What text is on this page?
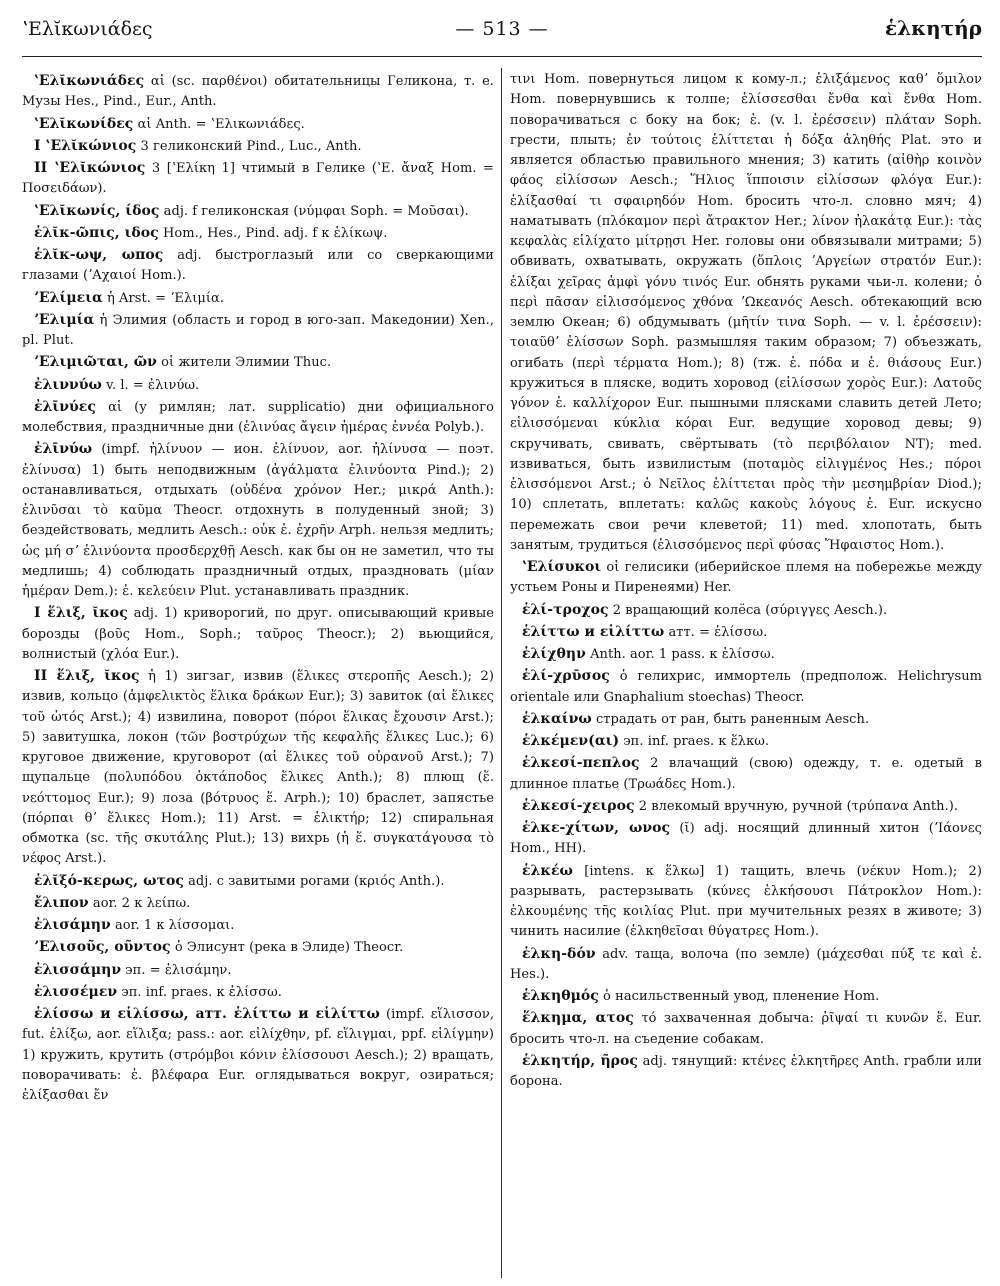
ʽΕλῐκωνιάδες	— 513 —	ἑλκητήρ

ʽΕλῐκωνιάδες αἱ (sc. παρθένοι) обитательницы Геликона, т. е. Музы Hes., Pind., Eur., Anth.

ʽΕλῐκωνίδες αἱ Anth. = ʽΕλικωνιάδες.

I ʽΕλῐκώνιος 3 геликонский Pind., Luc., Anth.

II ʽΕλῐκώνιος 3 [ʽΕλίκη 1] чтимый в Гелике (ʽΕ. ἄναξ Hom. = Ποσειδάων).

ʽΕλῐκωνίς, ίδος adj. f геликонская (νύμφαι Soph. = Μοῦσαι).

ἑλῐκ-ῶπις, ιδος Hom., Hes., Pind. adj. f к ἑλίκωψ.

ἑλῐκ-ωψ, ωπος adj. быстроглазый или со сверкающими глазами (ʼΑχαιοί Hom.).

ʼΕλίμεια ἡ Arst. = ʼΕλιμία.

ʼΕλιμία ἡ Элимия (область и город в юго-зап. Македонии) Xen., pl. Plut.

ʼΕλιμιῶται, ῶν οἱ жители Элимии Thuc.

ἐλιννύω v. l. = ἐλινύω.

ἐλῑνύες αἱ (у римлян; лат. supplicatio) дни официального молебствия, праздничные дни (ἐλινύας ἄγειν ἡμέρας ἐννέα Polyb.).

ἐλῑνύω (impf. ἠλίνυον — ион. ἐλίνυον, aor. ἠλίνυσα — поэт. ἐλίνυσα) 1) быть неподвижным (ἀγάλματα ἐλινύοντα Pind.); 2) останавливаться, отдыхать (οὐδένα χρόνον Her.; μικρά Anth.): ἐλινῦσαι τὸ καῦμα Theocr. отдохнуть в полуденный зной; 3) бездействовать, медлить Aesch.: οὐκ ἐ. ἐχρῆν Arph. нельзя медлить; ὡς μή σʼ ἐλινύοντα προσδερχθῇ Aesch. как бы он не заметил, что ты медлишь; 4) соблюдать праздничный отдых, праздновать (μίαν ἡμέραν Dem.): ἐ. κελεύειν Plut. устанавливать праздник.

I ἕλιξ, ῐκος adj. 1) криворогий, по друг. описывающий кривые борозды (βοῦς Hom., Soph.; ταῦρος Theocr.); 2) вьющийся, волнистый (χλόα Eur.).

II ἕλιξ, ῐκος ἡ 1) зигзаг, извив (ἕλικες στεροπῆς Aesch.); 2) извив, кольцо (ἀμφελικτὸς ἕλικα δράκων Eur.); 3) завиток (αἱ ἕλικες τοῦ ὠτός Arst.); 4) извилина, поворот (πόροι ἕλικας ἔχουσιν Arst.); 5) завитушка, локон (τῶν βοστρύχων τῆς κεφαλῆς ἕλικες Luc.); 6) круговое движение, круговорот (αἱ ἕλικες τοῦ οὐρανοῦ Arst.); 7) щупальце (πολυπόδου ὀκτάποδος ἕλικες Anth.); 8) плющ (ἕ. νεόττομος Eur.); 9) лоза (βότρυος ἕ. Arph.); 10) браслет, запястье (πόρπαι θʼ ἕλικες Hom.); 11) Arst. = ἑλικτήρ; 12) спиральная обмотка (sc. τῆς σκυτάλης Plut.); 13) вихрь (ἡ ἕ. συγκατάγουσα τὸ νέφος Arst.).

ἑλῐξό-κερως, ωτος adj. с завитыми рогами (κριός Anth.).

ἔλιπον aor. 2 к λείπω.

ἐλισάμην aor. 1 к λίσσομαι.

ʼΕλισοῦς, οῦντος ὁ Элисунт (река в Элиде) Theocr.

ἐλισσάμην эп. = ἐλισάμην.

ἐλισσέμεν эп. inf. praes. к ἐλίσσω.

ἑλίσσω и εἱλίσσω, атт. ἑλίττω и εἱλίττω (impf. εἵλισσον, fut. ἑλίξω, aor. εἵλιξα; pass.: aor. εἱλίχθην, pf. εἵλιγμαι, ppf. εἱλίγμην) 1) кружить, крутить (στρόμβοι κόνιν ἑλίσσουσι Aesch.); 2) вращать, поворачивать: ἑ. βλέφαρα Eur. оглядываться вокруг, озираться; ἑλίξασθαι ἔν

τινι Hom. повернуться лицом к кому-л.; ἑλιξάμενος καθʼ ὅμιλον Hom. повернувшись к толпе; ἑλίσσεσθαι ἔνθα καὶ ἔνθα Hom. поворачиваться с боку на бок; ἑ. (v. l. ἐρέσσειν) πλάταν Soph. грести, плыть; ἐν τούτοις ἑλίττεται ἡ δόξα ἀληθής Plat. это и является областью правильного мнения; 3) катить (αἰθὴρ κοινὸν φάος εἱλίσσων Aesch.; Ἥλιος ἵπποισιν εἱλίσσων φλόγα Eur.): ἑλίξασθαί τι σφαιρηδόν Hom. бросить что-л. словно мяч; 4) наматывать (πλόκαμον περὶ ἄτρακτον Her.; λίνον ἠλακάτᾳ Eur.): τὰς κεφαλὰς εἱλίχατο μίτρῃσι Her. головы они обвязывали митрами; 5) обвивать, охватывать, окружать (ὅπλοις ʼΑργείων στρατόν Eur.): ἑλίξαι χεῖρας ἀμφὶ γόνυ τινός Eur. обнять руками чьи-л. колени; ὁ περὶ πᾶσαν εἱλισσόμενος χθόνα ʼΩκεανός Aesch. обтекающий всю землю Океан; 6) обдумывать (μῆτίν τινα Soph. — v. l. ἐρέσσειν): τοιαῦθʼ ἑλίσσων Soph. размышляя таким образом; 7) объезжать, огибать (περὶ τέρματα Hom.); 8) (тж. ἑ. πόδα и ἑ. θιάσους Eur.) кружиться в пляске, водить хоровод (εἱλίσσων χορὸς Eur.): Λατοῦς γόνον ἑ. καλλίχορον Eur. пышными плясками славить детей Лето; εἱλισσόμεναι κύκλια κόραι Eur. ведущие хоровод девы; 9) скручивать, свивать, свёртывать (τὸ περιβόλαιον NT); med. извиваться, быть извилистым (ποταμὸς εἱλιγμένος Hes.; πόροι ἑλισσόμενοι Arst.; ὁ Νεῖλος ἑλίττεται πρὸς τὴν μεσημβρίαν Diod.); 10) сплетать, вплетать: καλῶς κακοὺς λόγους ἑ. Eur. искусно перемежать свои речи клеветой; 11) med. хлопотать, быть занятым, трудиться (ἑλισσόμενος περὶ φύσας Ἥφαιστος Hom.).

ʽΕλίσυκοι οἱ гелисики (иберийское племя на побережье между устьем Роны и Пиренеями) Her.

ἑλί-τροχος 2 вращающий колёса (σύριγγες Aesch.).

ἑλίττω и εἱλίττω атт. = ἑλίσσω.

ἑλίχθην Anth. aor. 1 pass. к ἑλίσσω.

ἑλί-χρῡσος ὁ гелихрис, иммортель (предполож. Helichrysum orientale или Gnaphalium stoechas) Theocr.

ἑλκαίνω страдать от ран, быть раненным Aesch.

ἑλκέμεν(αι) эп. inf. praes. к ἕλκω.

ἑλκεσί-πεπλος 2 влачащий (свою) одежду, т. е. одетый в длинное платье (Τρωάδες Hom.).

ἑλκεσί-χειρος 2 влекомый вручную, ручной (τρύπανα Anth.).

ἑλκε-χίτων, ωνος (ῐ) adj. носящий длинный хитон (ʼΙάονες Hom., HH).

ἑλκέω [intens. к ἕλκω] 1) тащить, влечь (νέκυν Hom.); 2) разрывать, растерзывать (κύνες ἑλκήσουσι Πάτροκλον Hom.): ἑλκουμένης τῆς κοιλίας Plut. при мучительных резях в животе; 3) чинить насилие (ἑλκηθεῖσαι θύγατρες Hom.).

ἑλκη-δόν adv. таща, волоча (по земле) (μάχεσθαι πύξ τε καὶ ἑ. Hes.).

ἑλκηθμός ὁ насильственный увод, пленение Hom.

ἕλκημα, ατος τό захваченная добыча: ῥῖψαί τι κυνῶν ἕ. Eur. бросить что-л. на съедение собакам.

ἑλκητήρ, ῆρος adj. тянущий: κτένες ἑλκητῆρες Anth. грабли или борона.
